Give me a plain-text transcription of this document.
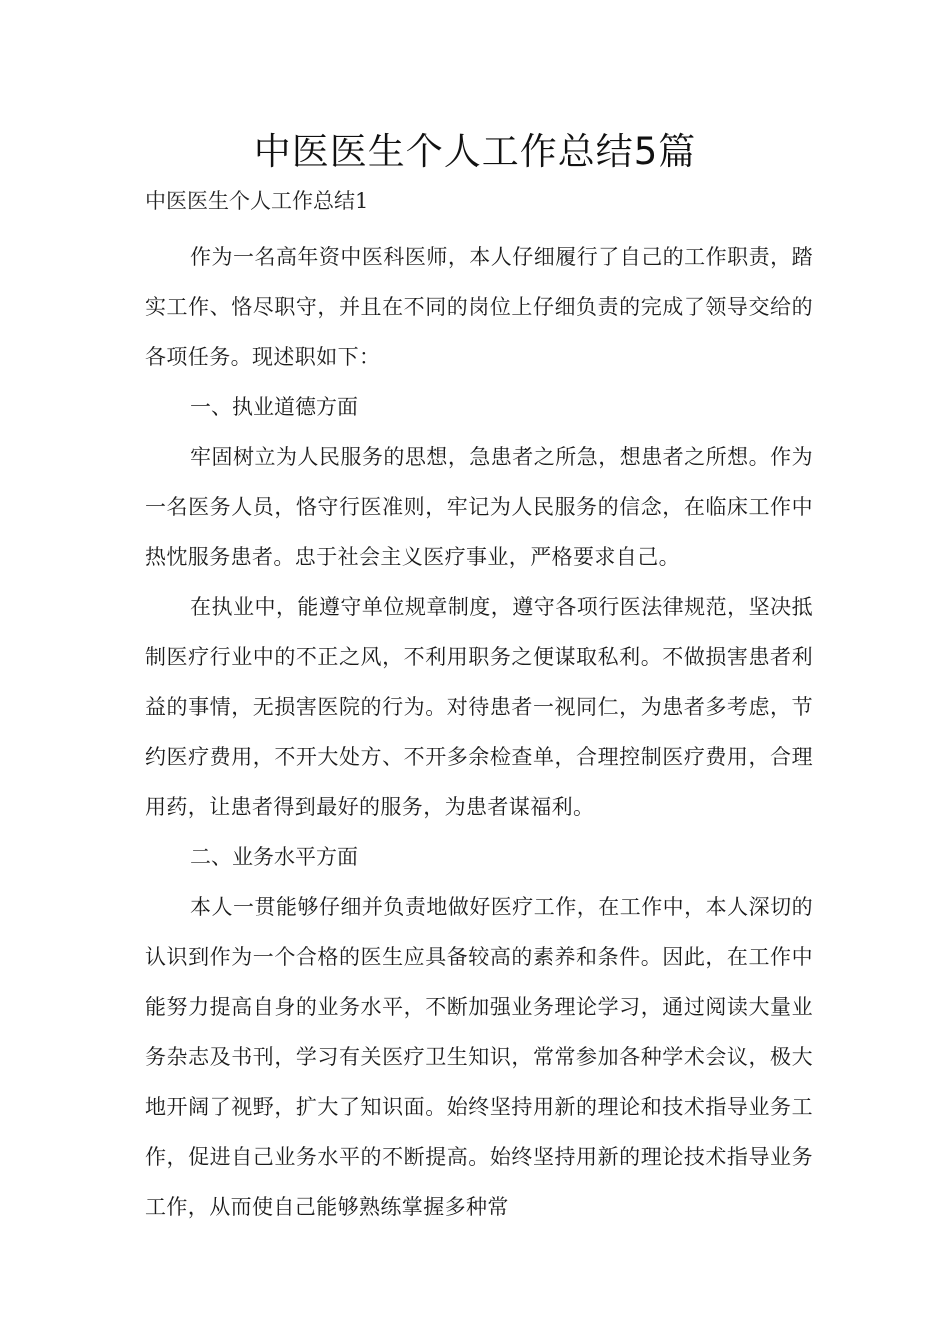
中医医生个人工作总结5篇
中医医生个人工作总结1

作为一名高年资中医科医师，本人仔细履行了自己的工作职责，踏实工作、恪尽职守，并且在不同的岗位上仔细负责的完成了领导交给的各项任务。现述职如下：

一、执业道德方面

牢固树立为人民服务的思想，急患者之所急，想患者之所想。作为一名医务人员，恪守行医准则，牢记为人民服务的信念，在临床工作中热忱服务患者。忠于社会主义医疗事业，严格要求自己。

在执业中，能遵守单位规章制度，遵守各项行医法律规范，坚决抵制医疗行业中的不正之风，不利用职务之便谋取私利。不做损害患者利益的事情，无损害医院的行为。对待患者一视同仁，为患者多考虑，节约医疗费用，不开大处方、不开多余检查单，合理控制医疗费用，合理用药，让患者得到最好的服务，为患者谋福利。

二、业务水平方面

本人一贯能够仔细并负责地做好医疗工作，在工作中，本人深切的认识到作为一个合格的医生应具备较高的素养和条件。因此，在工作中能努力提高自身的业务水平，不断加强业务理论学习，通过阅读大量业务杂志及书刊，学习有关医疗卫生知识，常常参加各种学术会议，极大地开阔了视野，扩大了知识面。始终坚持用新的理论和技术指导业务工作，促进自己业务水平的不断提高。始终坚持用新的理论技术指导业务工作，从而使自己能够熟练掌握多种常
